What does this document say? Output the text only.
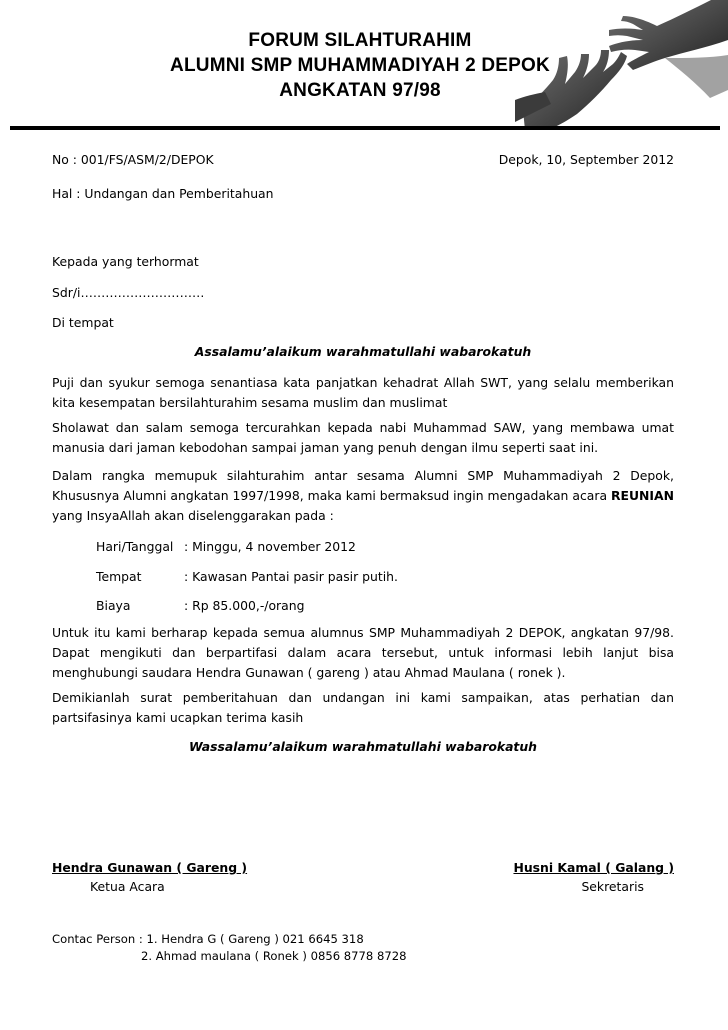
FORUM SILAHTURAHIM

ALUMNI SMP MUHAMMADIYAH 2 DEPOK

ANGKATAN 97/98

No : 001/FS/ASM/2/DEPOK	Depok, 10, September 2012

Hal : Undangan dan Pemberitahuan

Kepada yang terhormat

Sdr/i…………………………

Di tempat

Assalamu’alaikum warahmatullahi wabarokatuh

Puji dan syukur semoga senantiasa kata panjatkan kehadrat Allah SWT, yang selalu memberikan kita kesempatan bersilahturahim sesama muslim dan muslimat

Sholawat dan salam semoga tercurahkan kepada nabi Muhammad SAW, yang membawa umat manusia dari jaman kebodohan sampai jaman yang penuh dengan ilmu seperti saat ini.

Dalam rangka memupuk silahturahim antar sesama Alumni SMP Muhammadiyah 2 Depok, Khususnya Alumni angkatan 1997/1998, maka kami bermaksud ingin mengadakan acara REUNIAN yang InsyaAllah akan diselenggarakan pada :

Hari/Tanggal : Minggu, 4 november 2012

Tempat	: Kawasan Pantai pasir pasir putih.

Biaya	: Rp 85.000,-/orang

Untuk itu kami berharap kepada semua alumnus SMP Muhammadiyah 2 DEPOK, angkatan 97/98. Dapat mengikuti dan berpartifasi dalam acara tersebut, untuk informasi lebih lanjut bisa menghubungi saudara Hendra Gunawan ( gareng ) atau Ahmad Maulana ( ronek ).

Demikianlah surat pemberitahuan dan undangan ini kami sampaikan, atas perhatian dan partsifasinya kami ucapkan terima kasih

Wassalamu’alaikum warahmatullahi wabarokatuh

Hendra Gunawan ( Gareng )

Ketua Acara

Husni Kamal ( Galang )

Sekretaris

Contac Person : 1. Hendra G ( Gareng ) 021 6645 318

2. Ahmad maulana ( Ronek ) 0856 8778 8728
